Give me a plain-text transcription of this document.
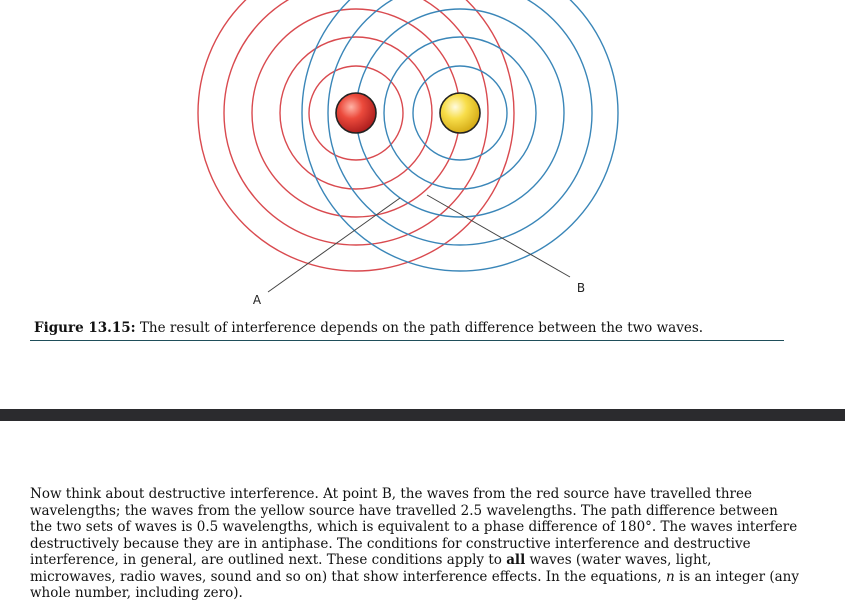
A
B

Figure 13.15: The result of interference depends on the path difference between the two waves.

Now think about destructive interference. At point B, the waves from the red source have travelled three wavelengths; the waves from the yellow source have travelled 2.5 wavelengths. The path difference between the two sets of waves is 0.5 wavelengths, which is equivalent to a phase difference of 180°. The waves interfere destructively because they are in antiphase. The conditions for constructive interference and destructive interference, in general, are outlined next. These conditions apply to all waves (water waves, light, microwaves, radio waves, sound and so on) that show interference effects. In the equations, n is an integer (any whole number, including zero).
